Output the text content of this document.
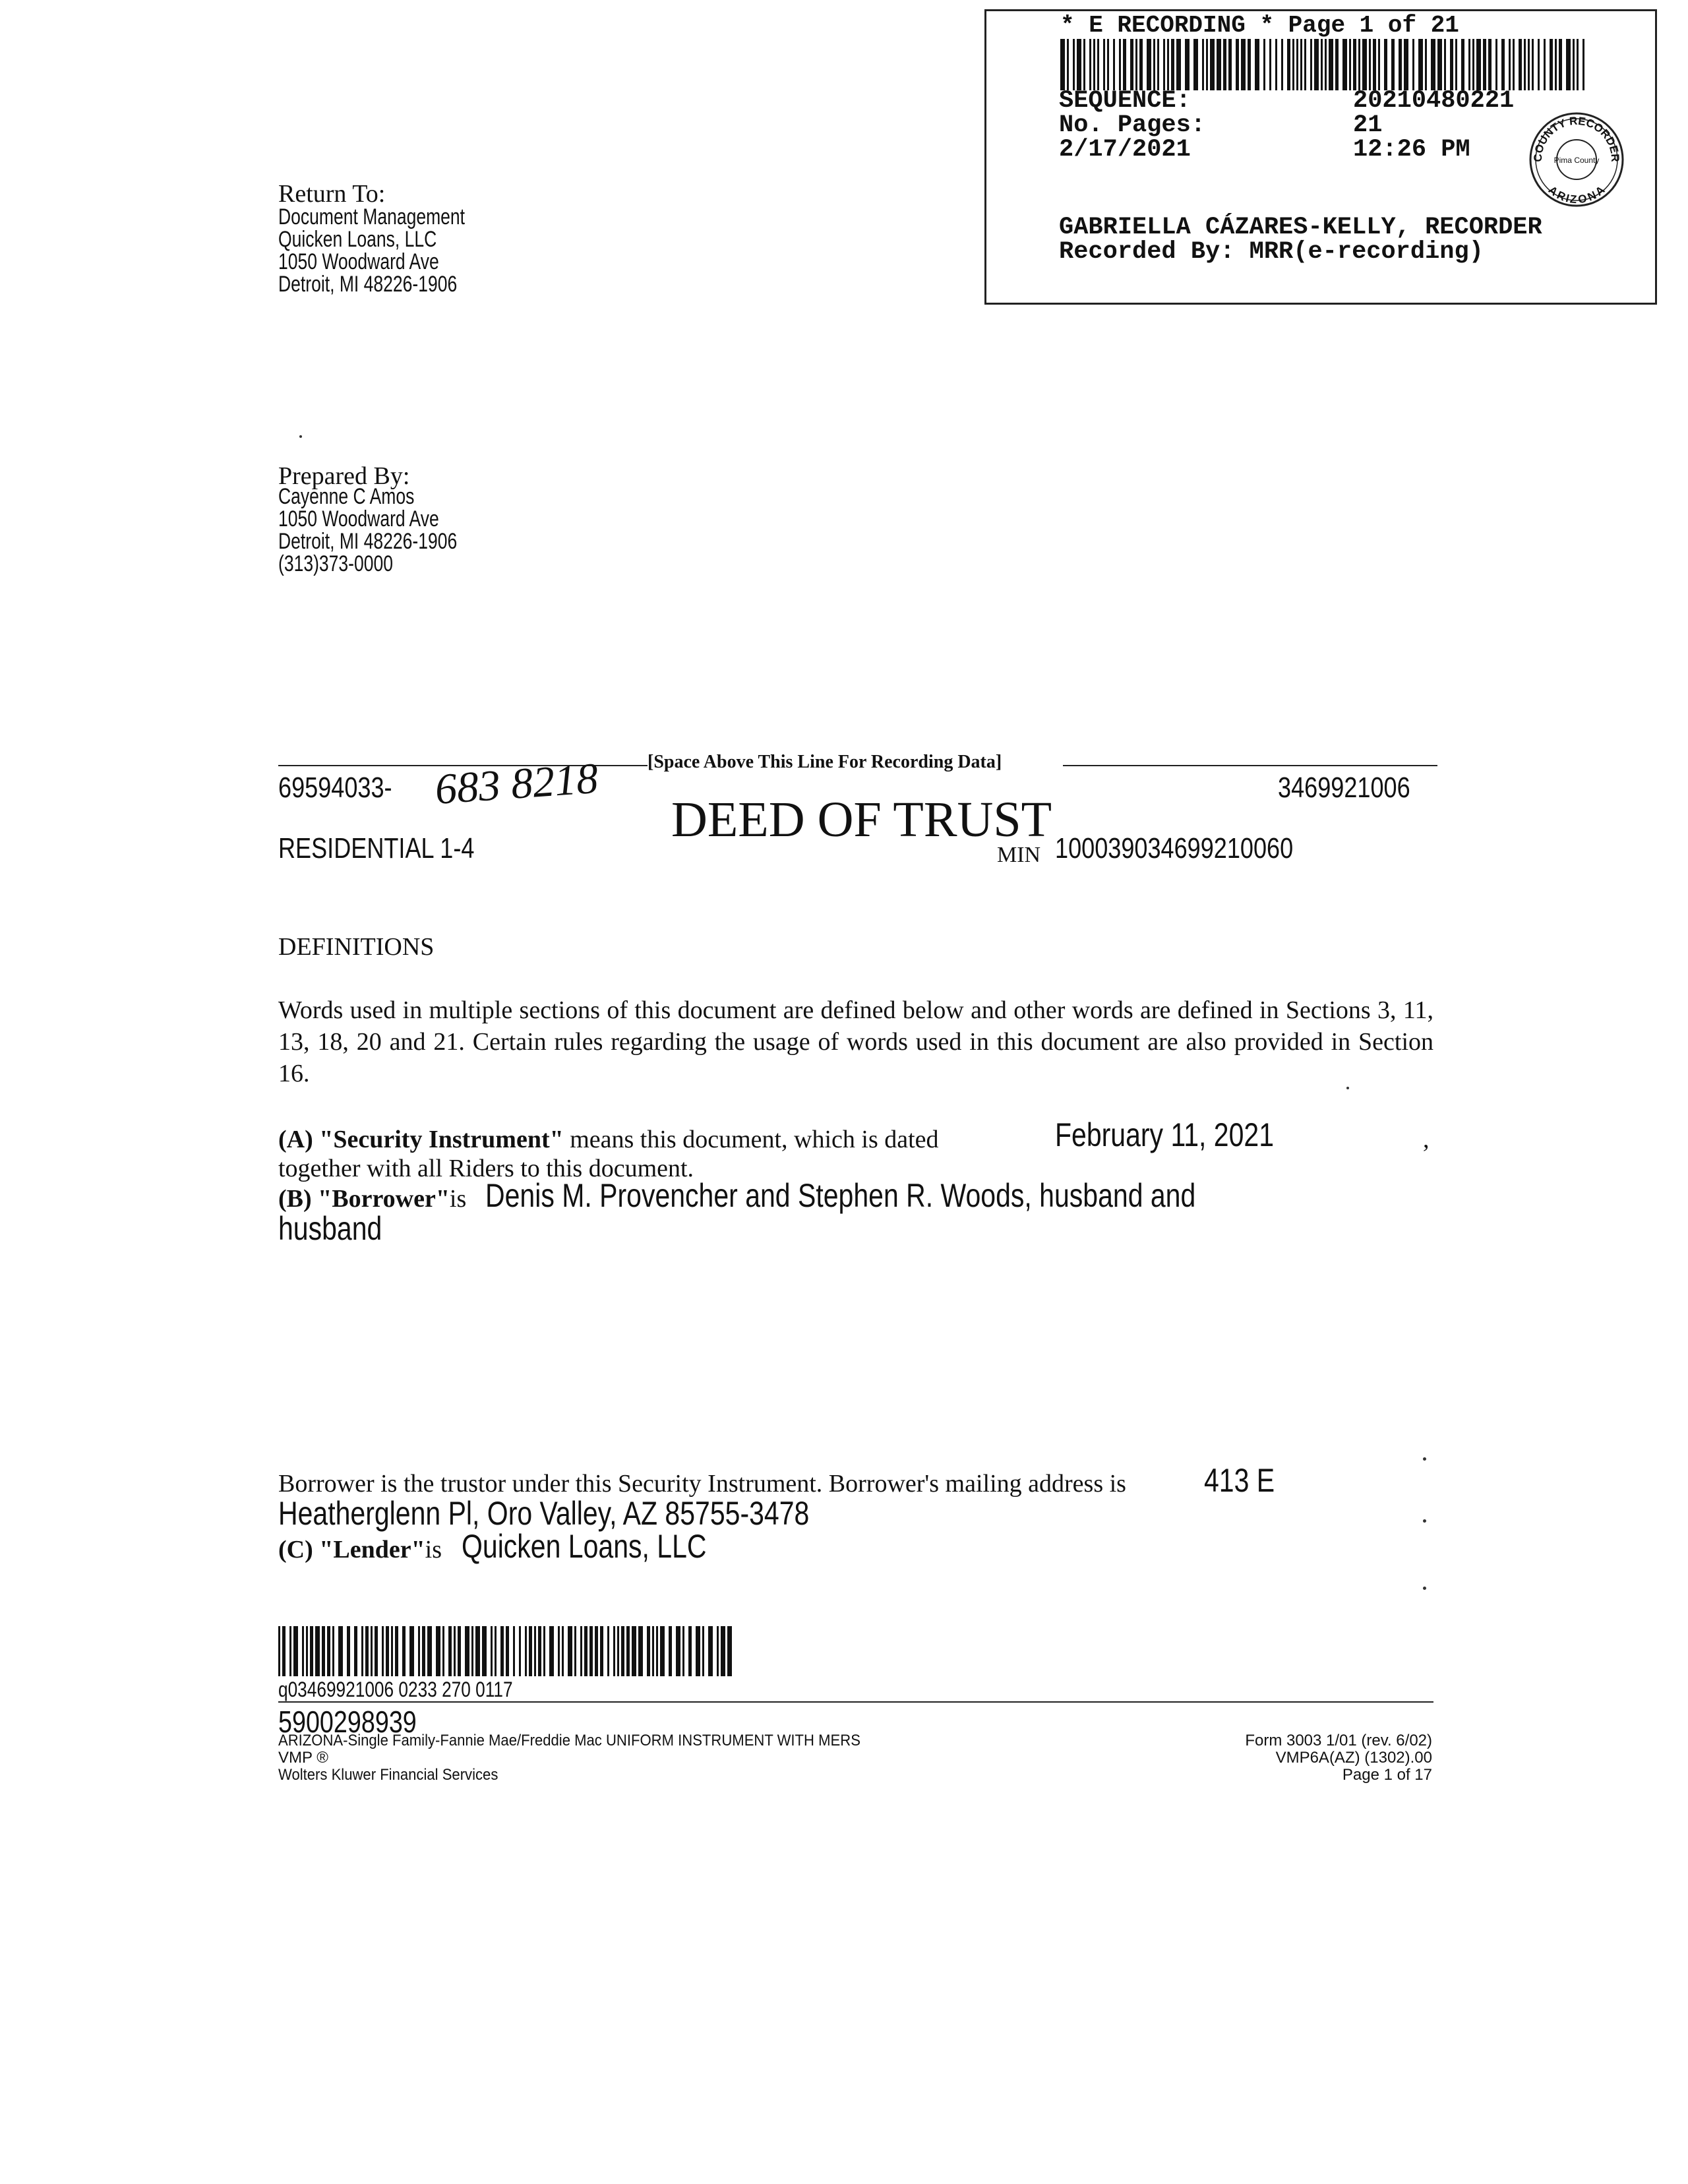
* E RECORDING * Page 1 of 21
SEQUENCE:	20210480221
No. Pages:	21
2/17/2021	12:26 PM	COUNTY RECORDER
ARIZONA
Pima County
GABRIELLA CÁZARES-KELLY, RECORDER
Recorded By: MRR(e-recording)
Return To:
Document Management
Quicken Loans, LLC
1050 Woodward Ave
Detroit, MI 48226-1906
Prepared By:
Cayenne C Amos
1050 Woodward Ave
Detroit, MI 48226-1906
(313)373-0000
[Space Above This Line For Recording Data]
69594033- 683 8218	3469921006
DEED OF TRUST
RESIDENTIAL 1-4	MIN 100039034699210060
DEFINITIONS

Words used in multiple sections of this document are defined below and other words are defined in Sections 3, 11, 13, 18, 20 and 21. Certain rules regarding the usage of words used in this document are also provided in Section 16.

(A) "Security Instrument" means this document, which is dated	February 11, 2021	,
together with all Riders to this document.
(B) "Borrower"is Denis M. Provencher and Stephen R. Woods, husband and
husband
Borrower is the trustor under this Security Instrument. Borrower's mailing address is 413 E
Heatherglenn Pl, Oro Valley, AZ 85755-3478
(C) "Lender"is Quicken Loans, LLC
q03469921006 0233 270 0117
5900298939
ARIZONA-Single Family-Fannie Mae/Freddie Mac UNIFORM INSTRUMENT WITH MERS
VMP ®
Wolters Kluwer Financial Services
Form 3003 1/01 (rev. 6/02)
VMP6A(AZ) (1302).00
Page 1 of 17
